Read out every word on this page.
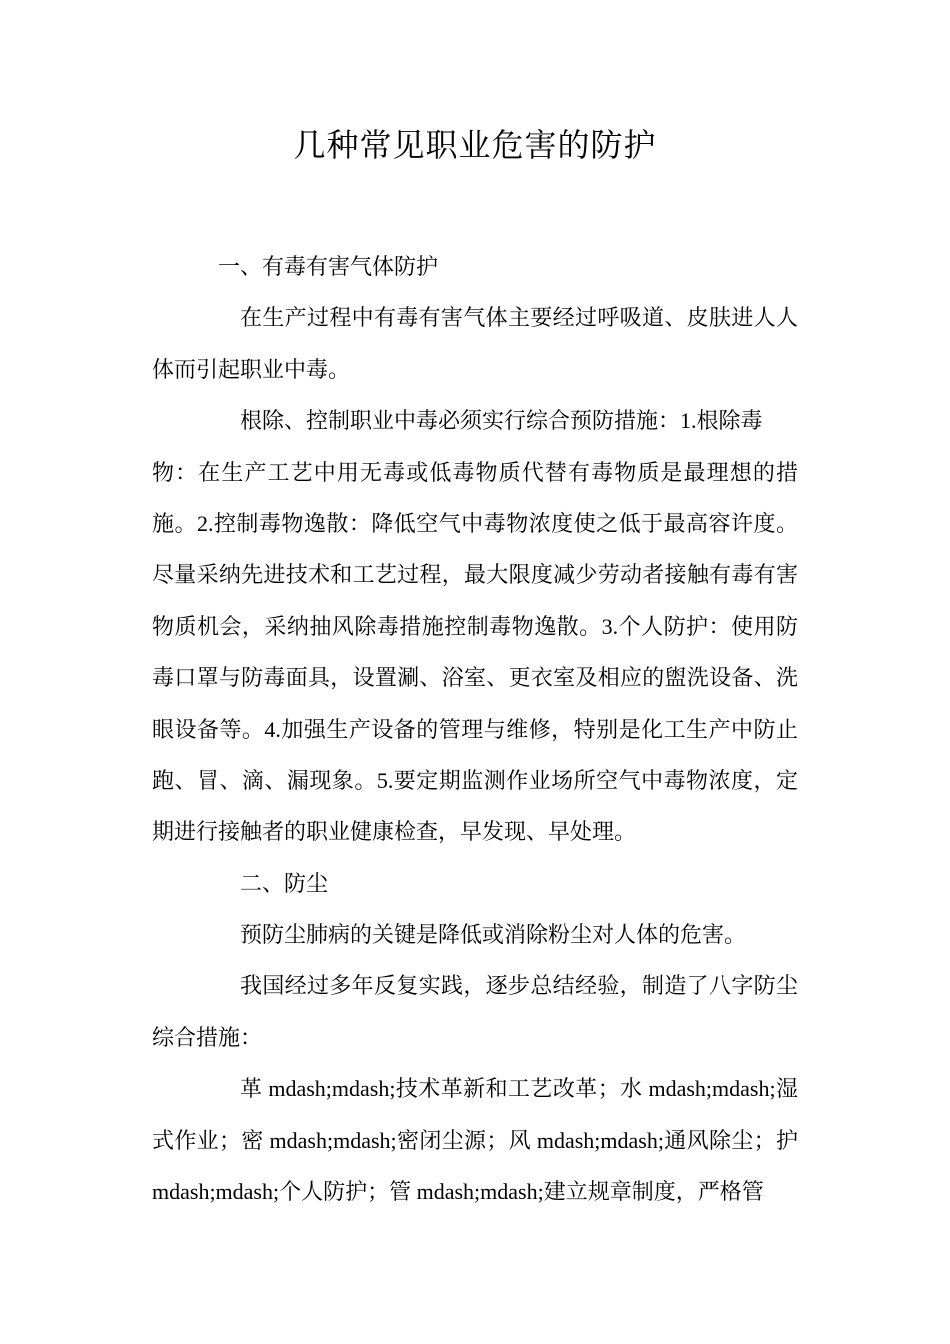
几种常见职业危害的防护
一、有毒有害气体防护
在生产过程中有毒有害气体主要经过呼吸道、皮肤进人人
体而引起职业中毒。
根除、控制职业中毒必须实行综合预防措施：1.根除毒
物：在生产工艺中用无毒或低毒物质代替有毒物质是最理想的措
施。2.控制毒物逸散：降低空气中毒物浓度使之低于最高容许度。
尽量采纳先进技术和工艺过程，最大限度减少劳动者接触有毒有害
物质机会，采纳抽风除毒措施控制毒物逸散。3.个人防护：使用防
毒口罩与防毒面具，设置涮、浴室、更衣室及相应的盥洗设备、洗
眼设备等。4.加强生产设备的管理与维修，特别是化工生产中防止
跑、冒、滴、漏现象。5.要定期监测作业场所空气中毒物浓度，定
期进行接触者的职业健康检查，早发现、早处理。
二、防尘
预防尘肺病的关键是降低或消除粉尘对人体的危害。
我国经过多年反复实践，逐步总结经验，制造了八字防尘
综合措施：
革 mdash;mdash;技术革新和工艺改革；水 mdash;mdash;湿
式作业；密 mdash;mdash;密闭尘源；风 mdash;mdash;通风除尘；护
mdash;mdash;个人防护；管 mdash;mdash;建立规章制度，严格管
